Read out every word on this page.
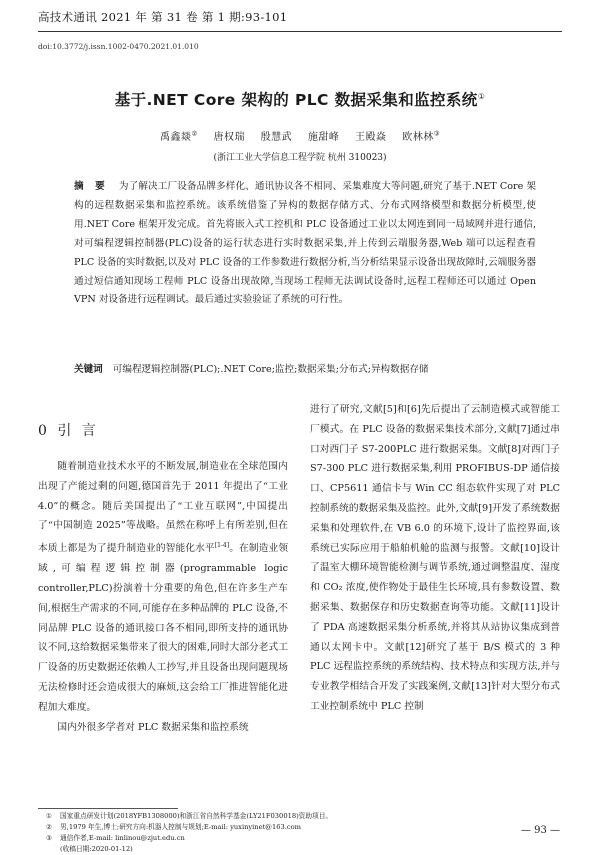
高技术通讯 2021 年 第 31 卷 第 1 期:93-101
doi:10.3772/j.issn.1002-0470.2021.01.010
基于.NET Core 架构的 PLC 数据采集和监控系统①
禹鑫燚② 唐权瑞 殷慧武 施甜峰 王殿焱 欧林林③
(浙江工业大学信息工程学院 杭州 310023)
摘 要 为了解决工厂设备品牌多样化、通讯协议各不相同、采集难度大等问题,研究了基于.NET Core 架构的远程数据采集和监控系统。该系统借鉴了异构的数据存储方式、分布式网络模型和数据分析模型,使用.NET Core 框架开发完成。首先将嵌入式工控机和 PLC 设备通过工业以太网连到同一局域网并进行通信,对可编程逻辑控制器(PLC)设备的运行状态进行实时数据采集,并上传到云端服务器,Web 端可以远程查看 PLC 设备的实时数据,以及对 PLC 设备的工作参数进行数据分析,当分析结果显示设备出现故障时,云端服务器通过短信通知现场工程师 PLC 设备出现故障,当现场工程师无法调试设备时,远程工程师还可以通过 Open VPN 对设备进行远程调试。最后通过实验验证了系统的可行性。
关键词 可编程逻辑控制器(PLC);.NET Core;监控;数据采集;分布式;异构数据存储
0 引 言

随着制造业技术水平的不断发展,制造业在全球范围内出现了产能过剩的问题,德国首先于 2011 年提出了“工业 4.0”的概念。随后美国提出了“工业互联网”,中国提出了“中国制造 2025”等战略。虽然在称呼上有所差别,但在本质上都是为了提升制造业的智能化水平[1-4]。在制造业领域,可编程逻辑控制器(programmable logic controller,PLC)扮演着十分重要的角色,但在许多生产车间,根据生产需求的不同,可能存在多种品牌的 PLC 设备,不同品牌 PLC 设备的通讯接口各不相同,即所支持的通讯协议不同,这给数据采集带来了很大的困难,同时大部分老式工厂设备的历史数据还依赖人工抄写,并且设备出现问题现场无法检修时还会造成很大的麻烦,这会给工厂推进智能化进程加大难度。

国内外很多学者对 PLC 数据采集和监控系统

进行了研究,文献[5]和[6]先后提出了云制造模式或智能工厂模式。在 PLC 设备的数据采集技术部分,文献[7]通过串口对西门子 S7-200PLC 进行数据采集。文献[8]对西门子 S7-300 PLC 进行数据采集,利用 PROFIBUS-DP 通信接口、CP5611 通信卡与 Win CC 组态软件实现了对 PLC 控制系统的数据采集及监控。此外,文献[9]开发了系统数据采集和处理软件,在 VB 6.0 的环境下,设计了监控界面,该系统已实际应用于船舶机舱的监测与报警。文献[10]设计了温室大棚环境智能检测与调节系统,通过调整温度、湿度和 CO₂ 浓度,使作物处于最佳生长环境,具有参数设置、数据采集、数据保存和历史数据查询等功能。文献[11]设计了 PDA 高速数据采集分析系统,并将其从站协议集成到普通以太网卡中。文献[12]研究了基于 B/S 模式的 3 种 PLC 远程监控系统的系统结构、技术特点和实现方法,并与专业教学相结合开发了实践案例,文献[13]针对大型分布式工业控制系统中 PLC 控制

① 国家重点研发计划(2018YFB1308000)和浙江省自然科学基金(LY21F030018)资助项目。
② 男,1979 年生,博士;研究方向:机器人控制与规划;E-mail: yuxinyinet@163.com
③ 通信作者,E-mail: linlinou@zjut.edu.cn
(收稿日期:2020-01-12)
— 93 —
